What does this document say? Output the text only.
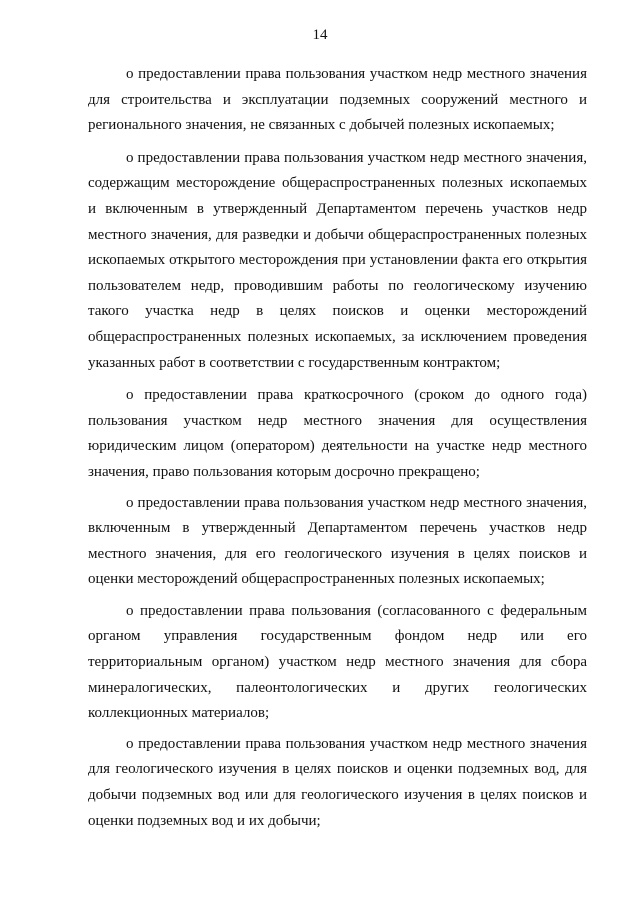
14

о предоставлении права пользования участком недр местного значения для строительства и эксплуатации подземных сооружений местного и регионального значения, не связанных с добычей полезных ископаемых;

о предоставлении права пользования участком недр местного значения, содержащим месторождение общераспространенных полезных ископаемых и включенным в утвержденный Департаментом перечень участков недр местного значения, для разведки и добычи общераспространенных полезных ископаемых открытого месторождения при установлении факта его открытия пользователем недр, проводившим работы по геологическому изучению такого участка недр в целях поисков и оценки месторождений общераспространенных полезных ископаемых, за исключением проведения указанных работ в соответствии с государственным контрактом;

о предоставлении права краткосрочного (сроком до одного года) пользования участком недр местного значения для осуществления юридическим лицом (оператором) деятельности на участке недр местного значения, право пользования которым досрочно прекращено;

о предоставлении права пользования участком недр местного значения, включенным в утвержденный Департаментом перечень участков недр местного значения, для его геологического изучения в целях поисков и оценки месторождений общераспространенных полезных ископаемых;

о предоставлении права пользования (согласованного с федеральным органом управления государственным фондом недр или его территориальным органом) участком недр местного значения для сбора минералогических, палеонтологических и других геологических коллекционных материалов;

о предоставлении права пользования участком недр местного значения для геологического изучения в целях поисков и оценки подземных вод, для добычи подземных вод или для геологического изучения в целях поисков и оценки подземных вод и их добычи;
